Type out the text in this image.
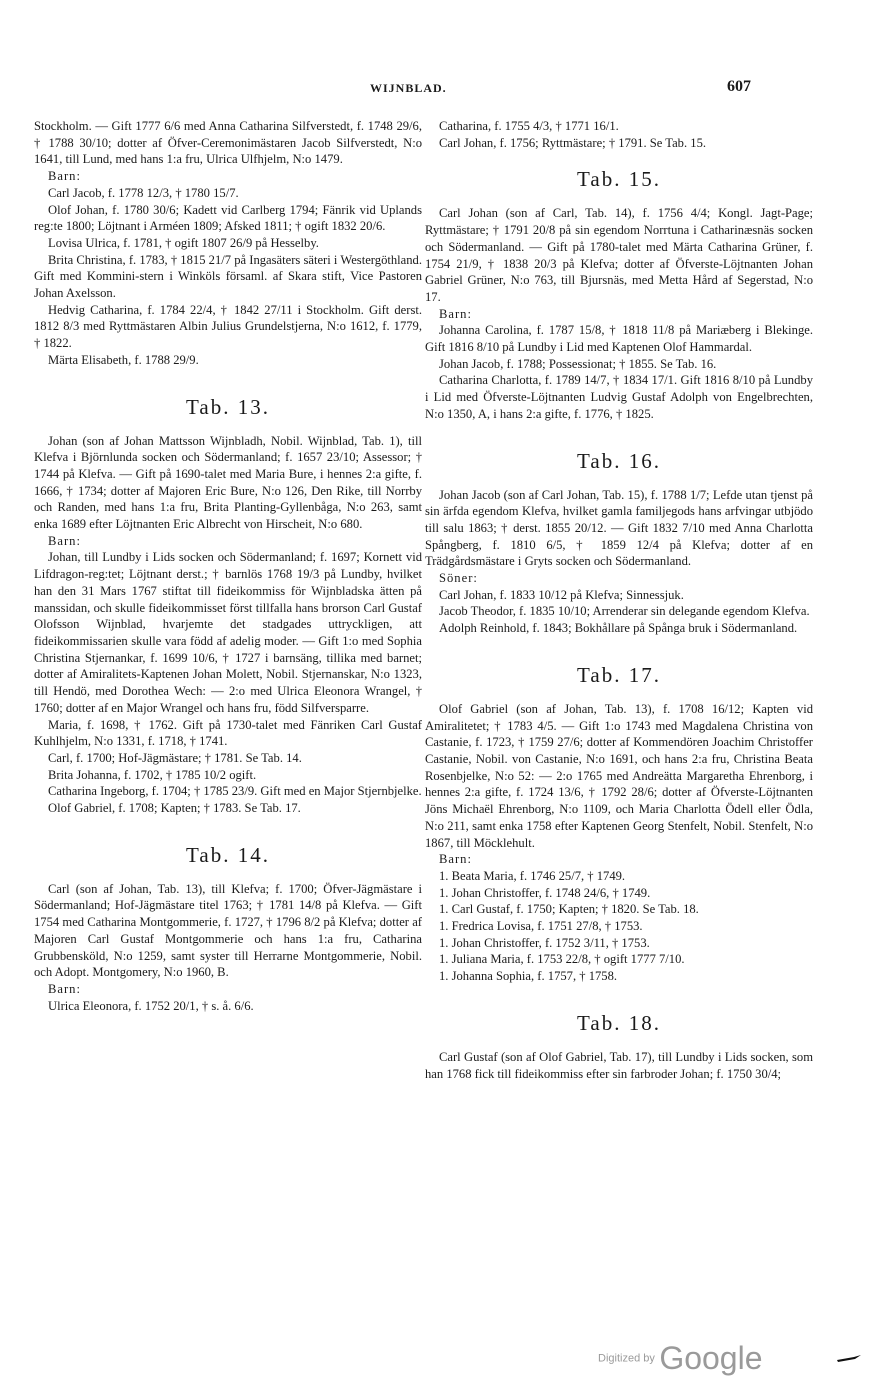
WIJNBLAD.	607

Stockholm. — Gift 1777 6/6 med Anna Catharina Silfverstedt, f. 1748 29/6, † 1788 30/10; dotter af Öfver-Ceremonimästaren Jacob Silfverstedt, N:o 1641, till Lund, med hans 1:a fru, Ulrica Ulfhjelm, N:o 1479.

Barn:

Carl Jacob, f. 1778 12/3, † 1780 15/7.

Olof Johan, f. 1780 30/6; Kadett vid Carlberg 1794; Fänrik vid Uplands reg:te 1800; Löjtnant i Arméen 1809; Afsked 1811; † ogift 1832 20/6.

Lovisa Ulrica, f. 1781, † ogift 1807 26/9 på Hesselby.

Brita Christina, f. 1783, † 1815 21/7 på Ingasäters säteri i Westergöthland. Gift med Kommini-stern i Winköls församl. af Skara stift, Vice Pastoren Johan Axelsson.

Hedvig Catharina, f. 1784 22/4, † 1842 27/11 i Stockholm. Gift derst. 1812 8/3 med Ryttmästaren Albin Julius Grundelstjerna, N:o 1612, f. 1779, † 1822.

Märta Elisabeth, f. 1788 29/9.

Tab. 13.

Johan (son af Johan Mattsson Wijnbladh, Nobil. Wijnblad, Tab. 1), till Klefva i Björnlunda socken och Södermanland; f. 1657 23/10; Assessor; † 1744 på Klefva. — Gift på 1690-talet med Maria Bure, i hennes 2:a gifte, f. 1666, † 1734; dotter af Majoren Eric Bure, N:o 126, Den Rike, till Norrby och Randen, med hans 1:a fru, Brita Planting-Gyllenbåga, N:o 263, samt enka 1689 efter Löjtnanten Eric Albrecht von Hirscheit, N:o 680.

Barn:

Johan, till Lundby i Lids socken och Södermanland; f. 1697; Kornett vid Lifdragon-reg:tet; Löjtnant derst.; † barnlös 1768 19/3 på Lundby, hvilket han den 31 Mars 1767 stiftat till fideikommiss för Wijnbladska ätten på manssidan, och skulle fideikommisset först tillfalla hans brorson Carl Gustaf Olofsson Wijnblad, hvarjemte det stadgades uttryckligen, att fideikommissarien skulle vara född af adelig moder. — Gift 1:o med Sophia Christina Stjernankar, f. 1699 10/6, † 1727 i barnsäng, tillika med barnet; dotter af Amiralitets-Kaptenen Johan Molett, Nobil. Stjernanskar, N:o 1323, till Hendö, med Dorothea Wech: — 2:o med Ulrica Eleonora Wrangel, † 1760; dotter af en Major Wrangel och hans fru, född Silfversparre.

Maria, f. 1698, † 1762. Gift på 1730-talet med Fänriken Carl Gustaf Kuhlhjelm, N:o 1331, f. 1718, † 1741.

Carl, f. 1700; Hof-Jägmästare; † 1781. Se Tab. 14.

Brita Johanna, f. 1702, † 1785 10/2 ogift.

Catharina Ingeborg, f. 1704; † 1785 23/9. Gift med en Major Stjernbjelke.

Olof Gabriel, f. 1708; Kapten; † 1783. Se Tab. 17.

Tab. 14.

Carl (son af Johan, Tab. 13), till Klefva; f. 1700; Öfver-Jägmästare i Södermanland; Hof-Jägmästare titel 1763; † 1781 14/8 på Klefva. — Gift 1754 med Catharina Montgommerie, f. 1727, † 1796 8/2 på Klefva; dotter af Majoren Carl Gustaf Montgommerie och hans 1:a fru, Catharina Grubbensköld, N:o 1259, samt syster till Herrarne Montgommerie, Nobil. och Adopt. Montgomery, N:o 1960, B.

Barn:

Ulrica Eleonora, f. 1752 20/1, † s. å. 6/6.

Catharina, f. 1755 4/3, † 1771 16/1.

Carl Johan, f. 1756; Ryttmästare; † 1791. Se Tab. 15.

Tab. 15.

Carl Johan (son af Carl, Tab. 14), f. 1756 4/4; Kongl. Jagt-Page; Ryttmästare; † 1791 20/8 på sin egendom Norrtuna i Catharinæsnäs socken och Södermanland. — Gift på 1780-talet med Märta Catharina Grüner, f. 1754 21/9, † 1838 20/3 på Klefva; dotter af Öfverste-Löjtnanten Johan Gabriel Grüner, N:o 763, till Bjursnäs, med Metta Hård af Segerstad, N:o 17.

Barn:

Johanna Carolina, f. 1787 15/8, † 1818 11/8 på Mariæberg i Blekinge. Gift 1816 8/10 på Lundby i Lid med Kaptenen Olof Hammardal.

Johan Jacob, f. 1788; Possessionat; † 1855. Se Tab. 16.

Catharina Charlotta, f. 1789 14/7, † 1834 17/1. Gift 1816 8/10 på Lundby i Lid med Öfverste-Löjtnanten Ludvig Gustaf Adolph von Engelbrechten, N:o 1350, A, i hans 2:a gifte, f. 1776, † 1825.

Tab. 16.

Johan Jacob (son af Carl Johan, Tab. 15), f. 1788 1/7; Lefde utan tjenst på sin ärfda egendom Klefva, hvilket gamla familjegods hans arfvingar utbjödo till salu 1863; † derst. 1855 20/12. — Gift 1832 7/10 med Anna Charlotta Spångberg, f. 1810 6/5, † 1859 12/4 på Klefva; dotter af en Trädgårdsmästare i Gryts socken och Södermanland.

Söner:

Carl Johan, f. 1833 10/12 på Klefva; Sinnessjuk.

Jacob Theodor, f. 1835 10/10; Arrenderar sin delegande egendom Klefva.

Adolph Reinhold, f. 1843; Bokhållare på Spånga bruk i Södermanland.

Tab. 17.

Olof Gabriel (son af Johan, Tab. 13), f. 1708 16/12; Kapten vid Amiralitetet; † 1783 4/5. — Gift 1:o 1743 med Magdalena Christina von Castanie, f. 1723, † 1759 27/6; dotter af Kommendören Joachim Christoffer Castanie, Nobil. von Castanie, N:o 1691, och hans 2:a fru, Christina Beata Rosenbjelke, N:o 52: — 2:o 1765 med Andreätta Margaretha Ehrenborg, i hennes 2:a gifte, f. 1724 13/6, † 1792 28/6; dotter af Öfverste-Löjtnanten Jöns Michaël Ehrenborg, N:o 1109, och Maria Charlotta Ödell eller Ödla, N:o 211, samt enka 1758 efter Kaptenen Georg Stenfelt, Nobil. Stenfelt, N:o 1867, till Möcklehult.

Barn:

1. Beata Maria, f. 1746 25/7, † 1749.

1. Johan Christoffer, f. 1748 24/6, † 1749.

1. Carl Gustaf, f. 1750; Kapten; † 1820. Se Tab. 18.

1. Fredrica Lovisa, f. 1751 27/8, † 1753.

1. Johan Christoffer, f. 1752 3/11, † 1753.

1. Juliana Maria, f. 1753 22/8, † ogift 1777 7/10.

1. Johanna Sophia, f. 1757, † 1758.

Tab. 18.

Carl Gustaf (son af Olof Gabriel, Tab. 17), till Lundby i Lids socken, som han 1768 fick till fideikommiss efter sin farbroder Johan; f. 1750 30/4;

Digitized by Google
